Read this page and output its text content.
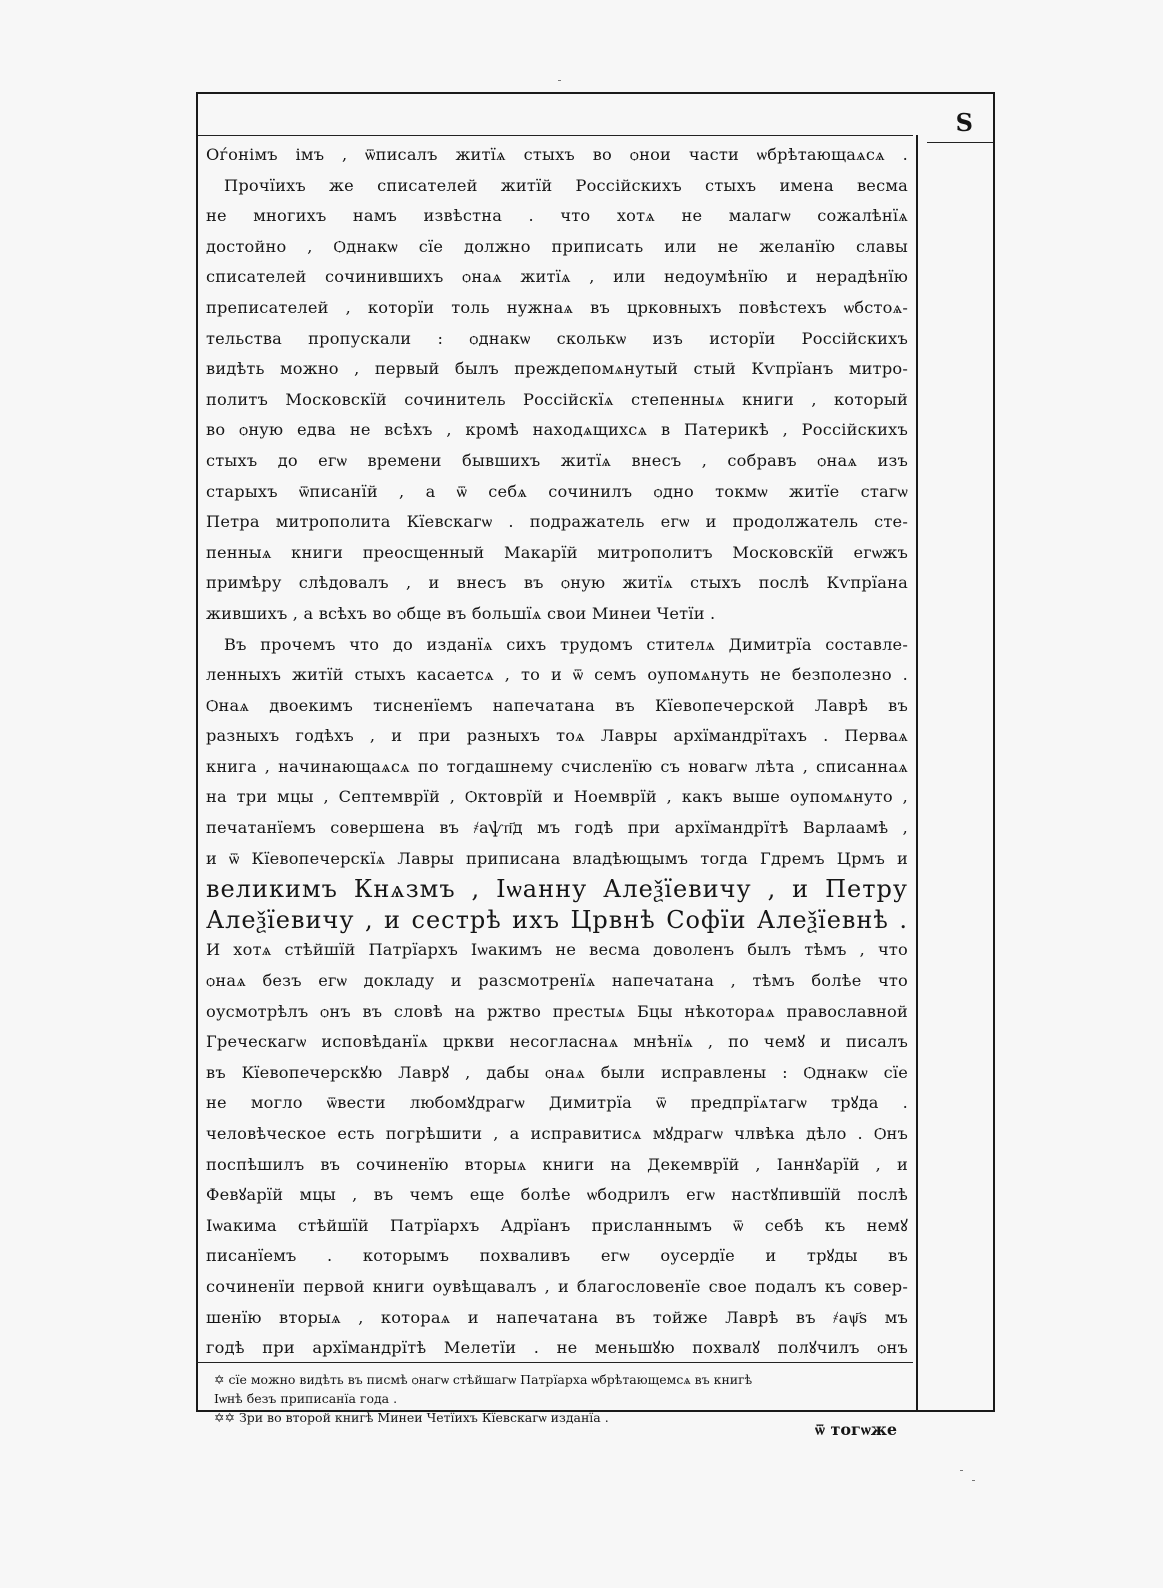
Ѕ
Оѓонімъ імъ , ѿписалъ житїѧ стыхъ во ѻнои части ѡбрѣтающаѧсѧ .
Прочїихъ же списателей житїй Россійскихъ стыхъ имена весма
не многихъ намъ извѣстна . что хотѧ не малагѡ сожалѣнїѧ
достойно , Ѻднакѡ сїе должно приписать или не желанїю славы
списателей сочинившихъ ѻнаѧ житїѧ , или недоумѣнїю и нерадѣнїю
преписателей , которїи толь нужнаѧ въ црковныхъ повѣстехъ ѡбстоѧ-
тельства пропускали : ѻднакѡ сколькѡ изъ исторїи Россійскихъ
видѣть можно , первый былъ преждепомѧнутый стый Кѵпрїанъ митро-
политъ Московскїй сочинитель Россійскїѧ степенныѧ книги , который
во ѻную едва не всѣхъ , кромѣ находѧщихсѧ в Патерикѣ , Россійскихъ
стыхъ до егѡ времени бывшихъ житїѧ внесъ , собравъ ѻнаѧ изъ
старыхъ ѿписанїй , а ѿ себѧ сочинилъ ѻдно токмѡ житїе стагѡ
Петра митрополита Кїевскагѡ . подражатель егѡ и продолжатель сте-
пенныѧ книги преосщенный Макарїй митрополитъ Московскїй егѡжъ
примѣру слѣдовалъ , и внесъ въ ѻную житїѧ стыхъ послѣ Кѵпрїана
жившихъ , а всѣхъ во ѻбще въ большїѧ свои Минеи Четїи .
Въ прочемъ что до изданїѧ сихъ трудомъ стителѧ Димитрїа составле-
ленныхъ житїй стыхъ касаетсѧ , то и ѿ семъ оупомѧнуть не безполезно .
Ѻнаѧ двоекимъ тисненїемъ напечатана въ Кїевопечерской Лаврѣ въ
разныхъ годѣхъ , и при разныхъ тоѧ Лавры архїмандрїтахъ . Перваѧ
книга , начинающаѧсѧ по тогдашнему счисленїю съ новагѡ лѣта , списаннаѧ
на три мцы , Септемврїй , Ѻктоврїй и Ноемврїй , какъ выше оупомѧнуто ,
печатанїемъ совершена въ ҂аѱп҃д мъ годѣ при архїмандрїтѣ Варлаамѣ ,
и ѿ Кїевопечерскїѧ Лавры приписана владѣющымъ тогда Гдремъ Црмъ и
великимъ Кнѧзмъ , Іѡанну Алеѯїевичу , и Петру
Алеѯїевичу , и сестрѣ ихъ Црвнѣ Софїи Алеѯїевнѣ .
И хотѧ стѣйшїй Патрїархъ Іѡакимъ не весма доволенъ былъ тѣмъ , что
ѻнаѧ безъ егѡ докладу и разсмотренїѧ напечатана , тѣмъ болѣе что
оусмотрѣлъ ѻнъ въ словѣ на ржтво престыѧ Бцы нѣкотораѧ православной
Греческагѡ исповѣданїѧ цркви несогласнаѧ мнѣнїѧ , по чемꙋ и писалъ
въ Кїевопечерскꙋю Лаврꙋ , дабы ѻнаѧ были исправлены : Ѻднакѡ сїе
не могло ѿвести любомꙋдрагѡ Димитрїа ѿ предпрїѧтагѡ трꙋда .
человѣческое есть погрѣшити , а исправитисѧ мꙋдрагѡ члвѣка дѣло . Ѻнъ
поспѣшилъ въ сочиненїю вторыѧ книги на Декемврїй , Іаннꙋарїй , и
Февꙋарїй мцы , въ чемъ еще болѣе ѡбодрилъ егѡ настꙋпившїй послѣ
Іѡакима стѣйшїй Патрїархъ Адрїанъ присланнымъ ѿ себѣ къ немꙋ
писанїемъ . которымъ похваливъ егѡ оусердїе и трꙋды въ
сочиненїи первой книги оувѣщавалъ , и благословенїе свое подалъ къ совер-
шенїю вторыѧ , котораѧ и напечатана въ тойже Лаврѣ въ ҂аѱ҃ѕ мъ
годѣ при архїмандрїтѣ Мелетїи . не меньшꙋю похвалꙋ полꙋчилъ ѻнъ
✡ сїе можно видѣть въ писмѣ ѻнагѡ стѣйшагѡ Патрїарха ѡбрѣтающемсѧ въ книгѣ
Іѡнѣ безъ приписанїа года .
✡✡ Зри во второй книгѣ Минеи Четїихъ Кїевскагѡ изданїа .
ѿ тогѡже
